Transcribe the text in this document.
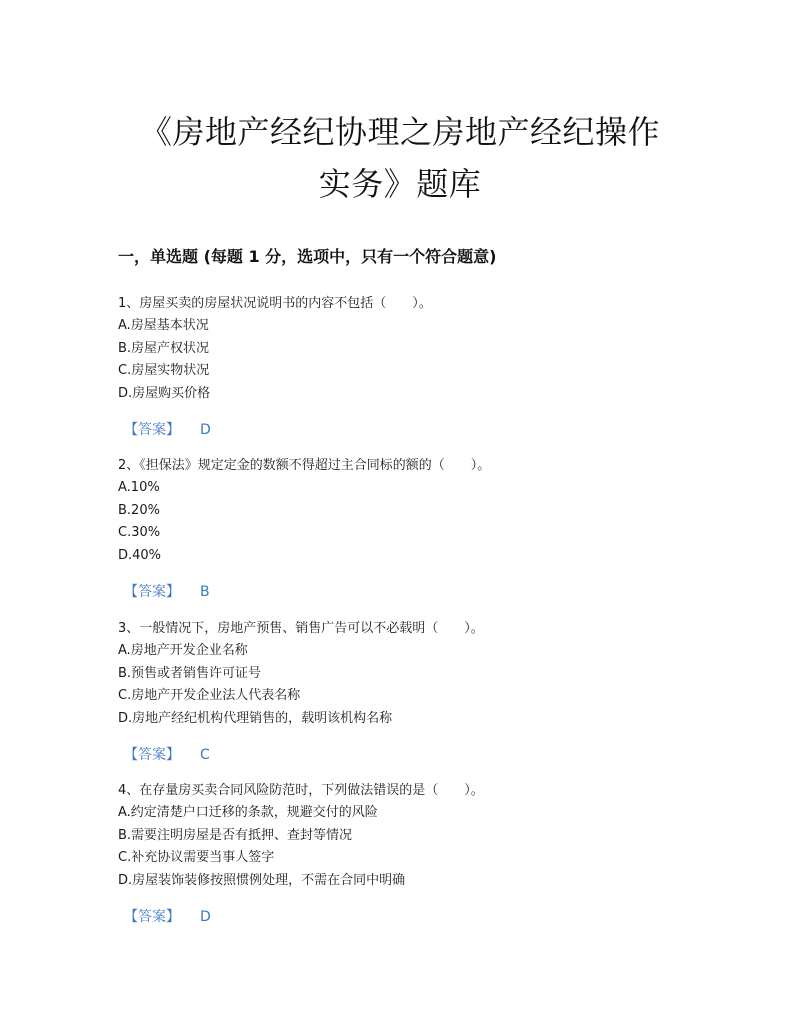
《房地产经纪协理之房地产经纪操作
实务》题库
一，单选题 (每题 1 分，选项中，只有一个符合题意)
1、房屋买卖的房屋状况说明书的内容不包括（　　）。
A.房屋基本状况
B.房屋产权状况
C.房屋实物状况
D.房屋购买价格
【答案】 D
2、《担保法》规定定金的数额不得超过主合同标的额的（　　）。
A.10%
B.20%
C.30%
D.40%
【答案】 B
3、一般情况下，房地产预售、销售广告可以不必载明（　　）。
A.房地产开发企业名称
B.预售或者销售许可证号
C.房地产开发企业法人代表名称
D.房地产经纪机构代理销售的，载明该机构名称
【答案】 C
4、在存量房买卖合同风险防范时，下列做法错误的是（　　）。
A.约定清楚户口迁移的条款，规避交付的风险
B.需要注明房屋是否有抵押、查封等情况
C.补充协议需要当事人签字
D.房屋装饰装修按照惯例处理，不需在合同中明确
【答案】 D
